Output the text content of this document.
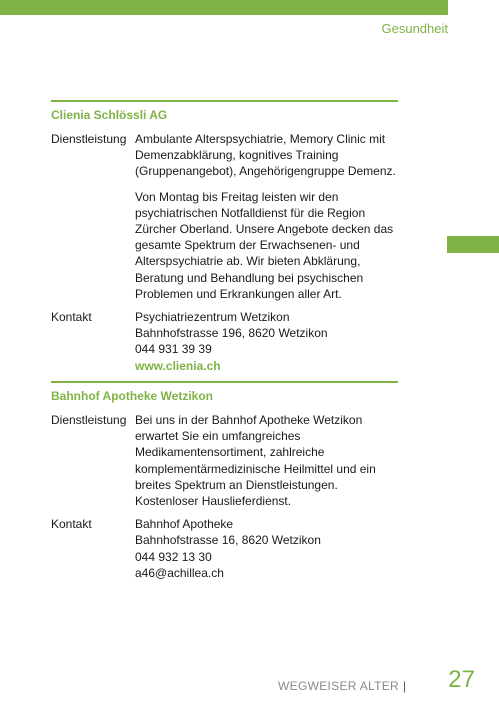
Gesundheit
Clienia Schlössli AG
Dienstleistung Ambulante Alterspsychiatrie, Memory Clinic mit Demenzabklärung, kognitives Training (Gruppenangebot), Angehörigengruppe Demenz.

Von Montag bis Freitag leisten wir den psychiatrischen Notfalldienst für die Region Zürcher Oberland. Unsere Angebote decken das gesamte Spektrum der Erwachsenen- und Alterspsychiatrie ab. Wir bieten Abklärung, Beratung und Behandlung bei psychischen Problemen und Erkrankungen aller Art.

Kontakt	Psychiatriezentrum Wetzikon
Bahnhofstrasse 196, 8620 Wetzikon
044 931 39 39
www.clienia.ch
Bahnhof Apotheke Wetzikon
Dienstleistung Bei uns in der Bahnhof Apotheke Wetzikon erwartet Sie ein umfangreiches Medikamentensortiment, zahlreiche komplementärmedizinische Heilmittel und ein breites Spektrum an Dienstleistungen.
Kostenloser Hauslieferdienst.
Kontakt	Bahnhof Apotheke
Bahnhofstrasse 16, 8620 Wetzikon
044 932 13 30
a46@achillea.ch
WEGWEISER ALTER | 27
